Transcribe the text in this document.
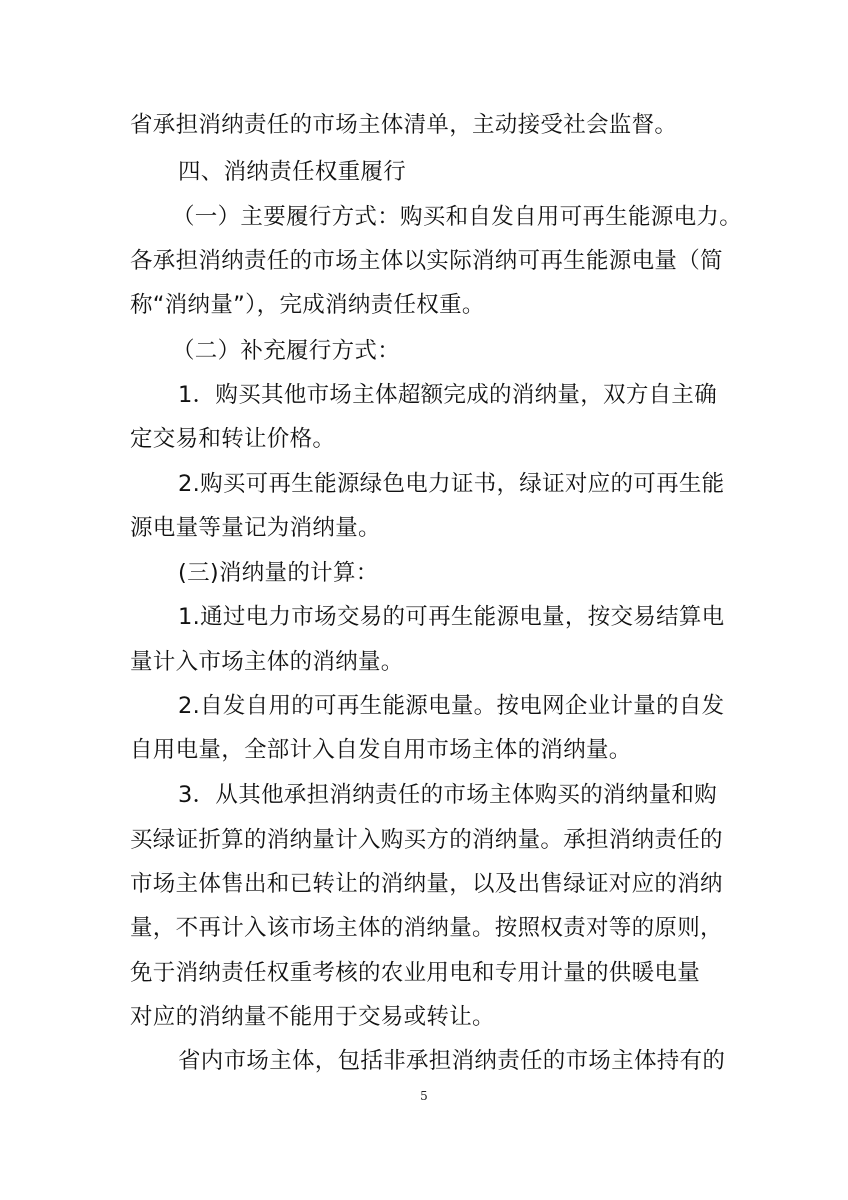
省承担消纳责任的市场主体清单，主动接受社会监督。
四、消纳责任权重履行
（一）主要履行方式：购买和自发自用可再生能源电力。
各承担消纳责任的市场主体以实际消纳可再生能源电量（简
称“消纳量”），完成消纳责任权重。
（二）补充履行方式：
1．购买其他市场主体超额完成的消纳量，双方自主确
定交易和转让价格。
2.购买可再生能源绿色电力证书，绿证对应的可再生能
源电量等量记为消纳量。
(三)消纳量的计算：
1.通过电力市场交易的可再生能源电量，按交易结算电
量计入市场主体的消纳量。
2.自发自用的可再生能源电量。按电网企业计量的自发
自用电量，全部计入自发自用市场主体的消纳量。
3．从其他承担消纳责任的市场主体购买的消纳量和购
买绿证折算的消纳量计入购买方的消纳量。承担消纳责任的
市场主体售出和已转让的消纳量，以及出售绿证对应的消纳
量，不再计入该市场主体的消纳量。按照权责对等的原则，
免于消纳责任权重考核的农业用电和专用计量的供暖电量
对应的消纳量不能用于交易或转让。
省内市场主体，包括非承担消纳责任的市场主体持有的
5
